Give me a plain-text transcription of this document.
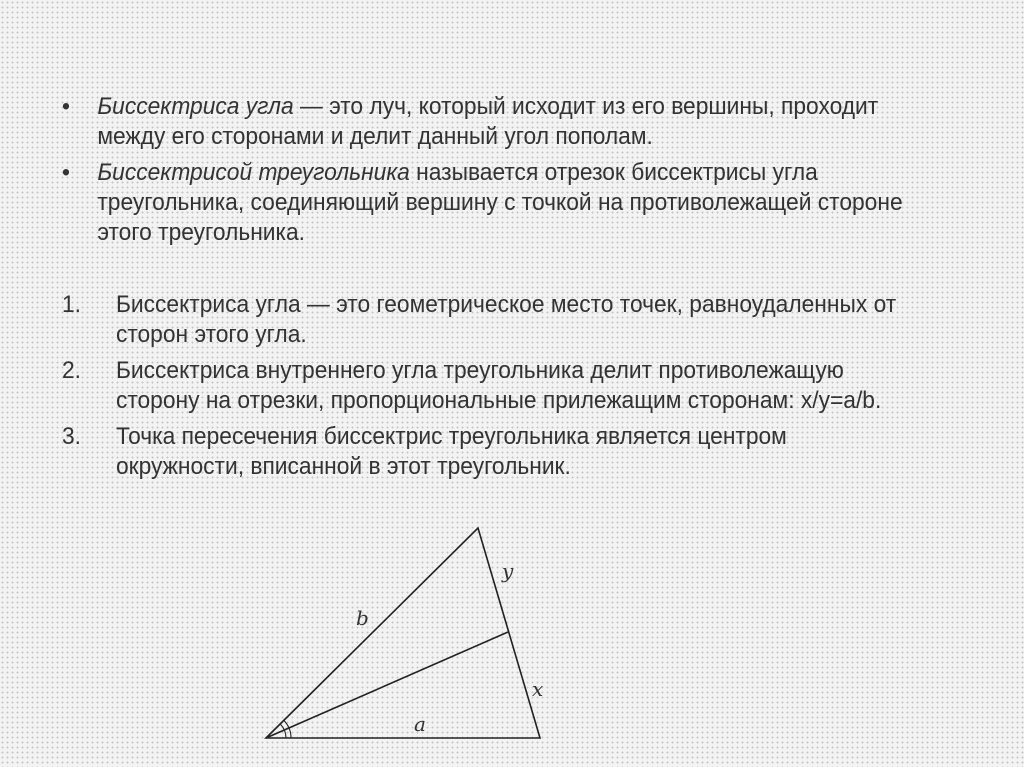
• Биссектриса угла — это луч, который исходит из его вершины, проходит между его сторонами и делит данный угол пополам.
• Биссектрисой треугольника называется отрезок биссектрисы угла треугольника, соединяющий вершину с точкой на противолежащей стороне этого треугольника.
1. Биссектриса угла — это геометрическое место точек, равноудаленных от сторон этого угла.
2. Биссектриса внутреннего угла треугольника делит противолежащую сторону на отрезки, пропорциональные прилежащим сторонам: x/y=a/b.
3. Точка пересечения биссектрис треугольника является центром окружности, вписанной в этот треугольник.
b
y
x
a
